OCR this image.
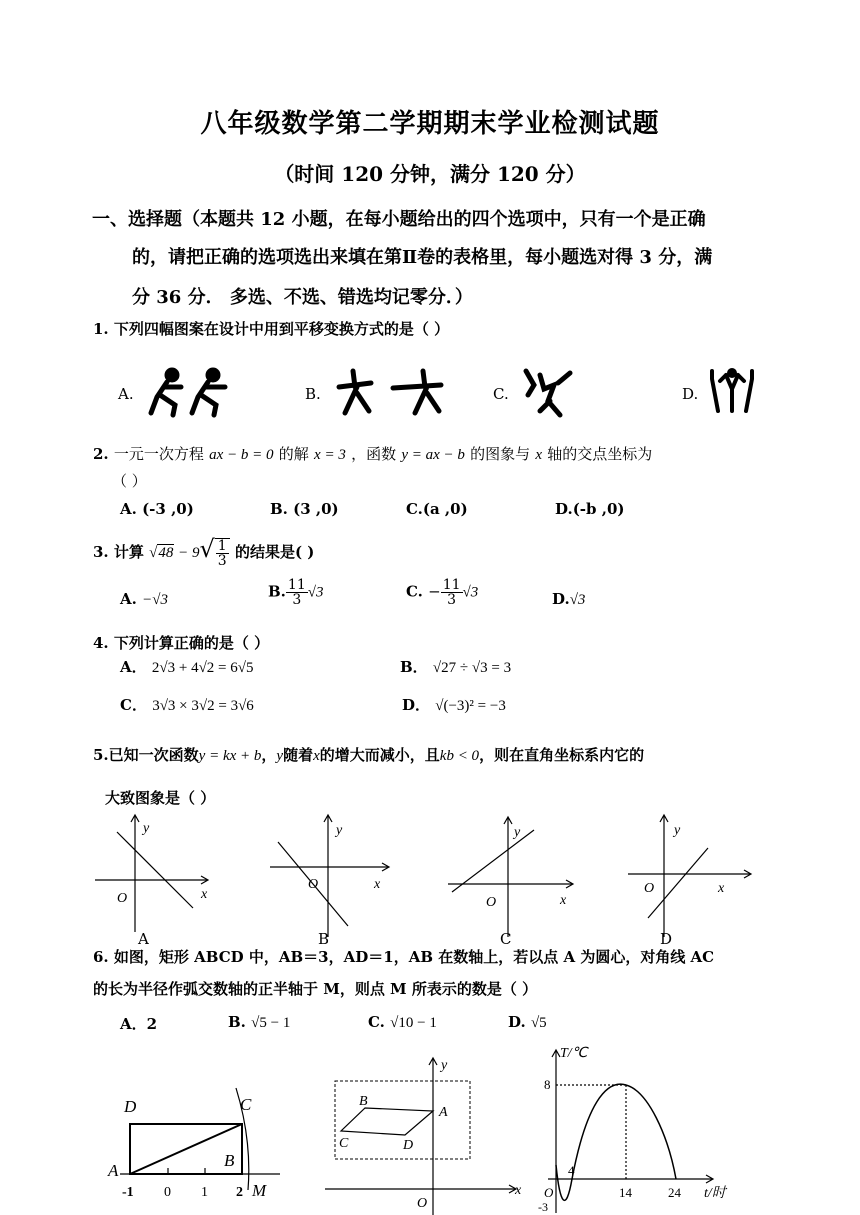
八年级数学第二学期期末学业检测试题
（时间 120 分钟，满分 120 分）
一、选择题（本题共 12 小题，在每小题给出的四个选项中，只有一个是正确
的，请把正确的选项选出来填在第Ⅱ卷的表格里，每小题选对得 3 分，满
分 36 分． 多选、不选、错选均记零分．）
1. 下列四幅图案在设计中用到平移变换方式的是（ ）
A.	B.	C.	D.
2. 一元一次方程 ax − b = 0 的解 x = 3 ，函数 y = ax − b 的图象与 x 轴的交点坐标为
（ ）
A. (-3 ,0)	B. (3 ,0)	C.(a ,0)	D.(-b ,0)
3. 计算 $√48 - 9√ \frac{1}{3}$ 的结果是( )
A. −√3	B. $\frac{11}{3} √3$	C. − $\frac{11}{3} √3$	D.√3
4. 下列计算正确的是（ ）
A． 2√3 + 4√2 = 6√5	B． √27 ÷ √3 = 3
C． 3√3 × 3√2 = 3√6	D． √(−3)² = −3
5.已知一次函数y = kx + b，y随着x的增大而减小，且kb < 0，则在直角坐标系内它的
大致图象是（ ）
y
x
O
y
x
O
y
x
O
y
x
O
A	B	C	D
6. 如图，矩形 ABCD 中，AB＝3，AD＝1，AB 在数轴上，若以点 A 为圆心，对角线 AC
的长为半径作弧交数轴的正半轴于 M，则点 M 所表示的数是（ ）
A．2	B. √5 − 1	C. √10 − 1	D. √5
D	C
A
B
M
-1 0 1 2
y
x
O
B
A
C	D
T/℃
t/时
8
-3
4
14	24
O
